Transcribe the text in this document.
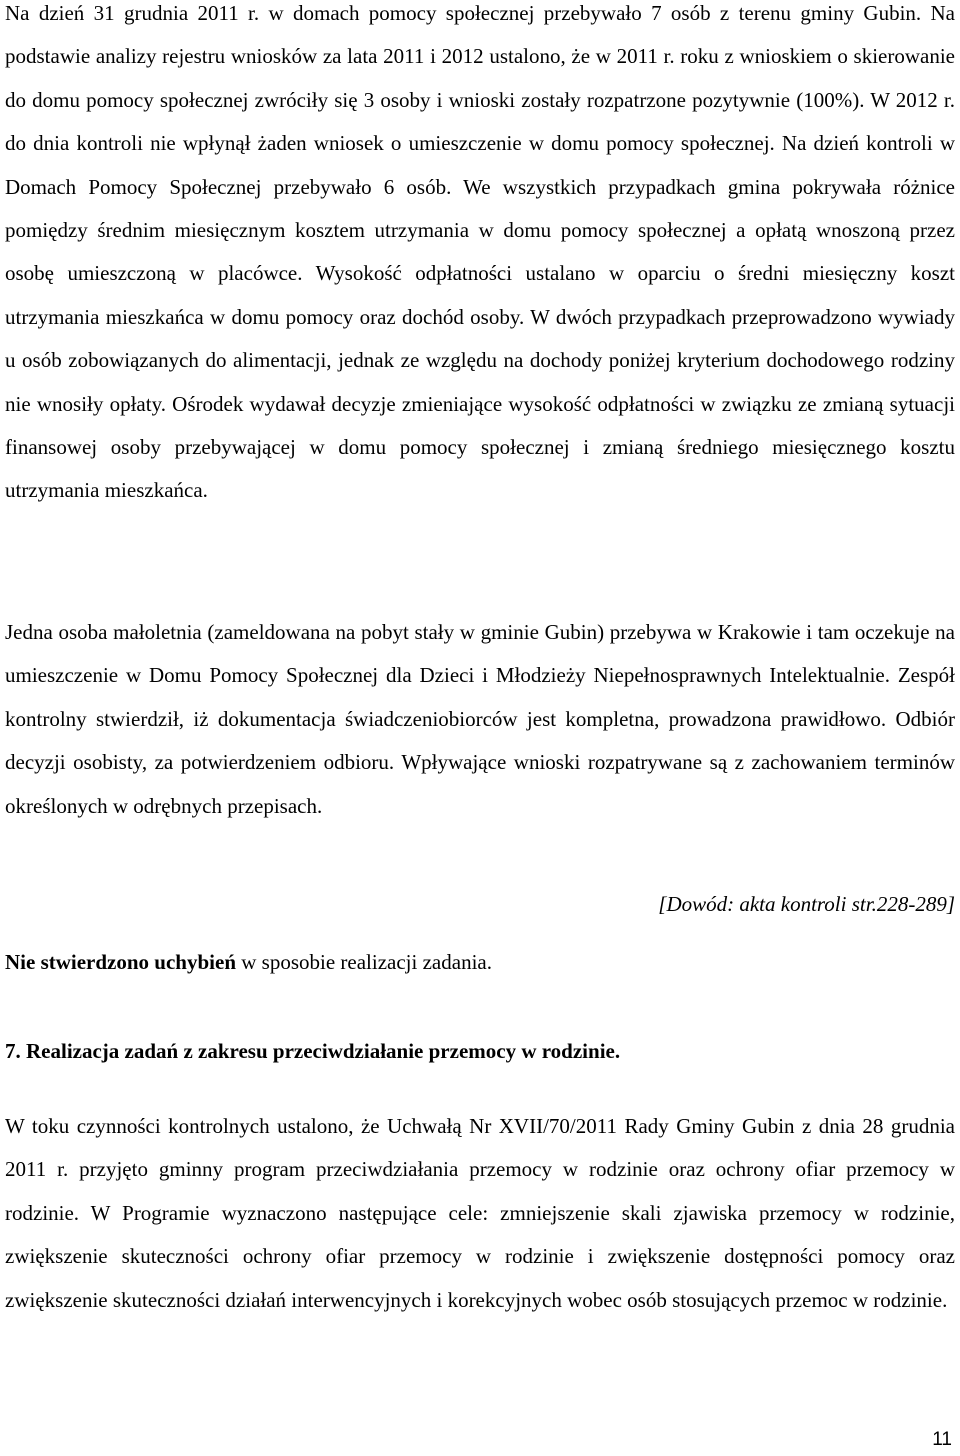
Na dzień 31 grudnia 2011 r. w domach pomocy społecznej przebywało 7 osób z terenu gminy Gubin. Na podstawie analizy rejestru wniosków za lata 2011 i 2012 ustalono, że w 2011 r. roku z wnioskiem o skierowanie do domu pomocy społecznej zwróciły się 3 osoby i wnioski zostały rozpatrzone pozytywnie (100%). W 2012 r. do dnia kontroli nie wpłynął żaden wniosek o umieszczenie w domu pomocy społecznej. Na dzień kontroli w Domach Pomocy Społecznej przebywało 6 osób. We wszystkich przypadkach gmina pokrywała różnice pomiędzy średnim miesięcznym kosztem utrzymania w domu pomocy społecznej a opłatą wnoszoną przez osobę umieszczoną w placówce. Wysokość odpłatności ustalano w oparciu o średni miesięczny koszt utrzymania mieszkańca w domu pomocy oraz dochód osoby. W dwóch przypadkach przeprowadzono wywiady u osób zobowiązanych do alimentacji, jednak ze względu na dochody poniżej kryterium dochodowego rodziny nie wnosiły opłaty. Ośrodek wydawał decyzje zmieniające wysokość odpłatności w związku ze zmianą sytuacji finansowej osoby przebywającej w domu pomocy społecznej i zmianą średniego miesięcznego kosztu utrzymania mieszkańca.

Jedna osoba małoletnia (zameldowana na pobyt stały w gminie Gubin) przebywa w Krakowie i tam oczekuje na umieszczenie w Domu Pomocy Społecznej dla Dzieci i Młodzieży Niepełnosprawnych Intelektualnie. Zespół kontrolny stwierdził, iż dokumentacja świadczeniobiorców jest kompletna, prowadzona prawidłowo. Odbiór decyzji osobisty, za potwierdzeniem odbioru. Wpływające wnioski rozpatrywane są z zachowaniem terminów określonych w odrębnych przepisach.

[Dowód: akta kontroli str.228-289]
Nie stwierdzono uchybień w sposobie realizacji zadania.
7. Realizacja zadań z zakresu przeciwdziałanie przemocy w rodzinie.

W toku czynności kontrolnych ustalono, że Uchwałą Nr XVII/70/2011 Rady Gminy Gubin z dnia 28 grudnia 2011 r. przyjęto gminny program przeciwdziałania przemocy w rodzinie oraz ochrony ofiar przemocy w rodzinie. W Programie wyznaczono następujące cele: zmniejszenie skali zjawiska przemocy w rodzinie, zwiększenie skuteczności ochrony ofiar przemocy w rodzinie i zwiększenie dostępności pomocy oraz zwiększenie skuteczności działań interwencyjnych i korekcyjnych wobec osób stosujących przemoc w rodzinie.

11
